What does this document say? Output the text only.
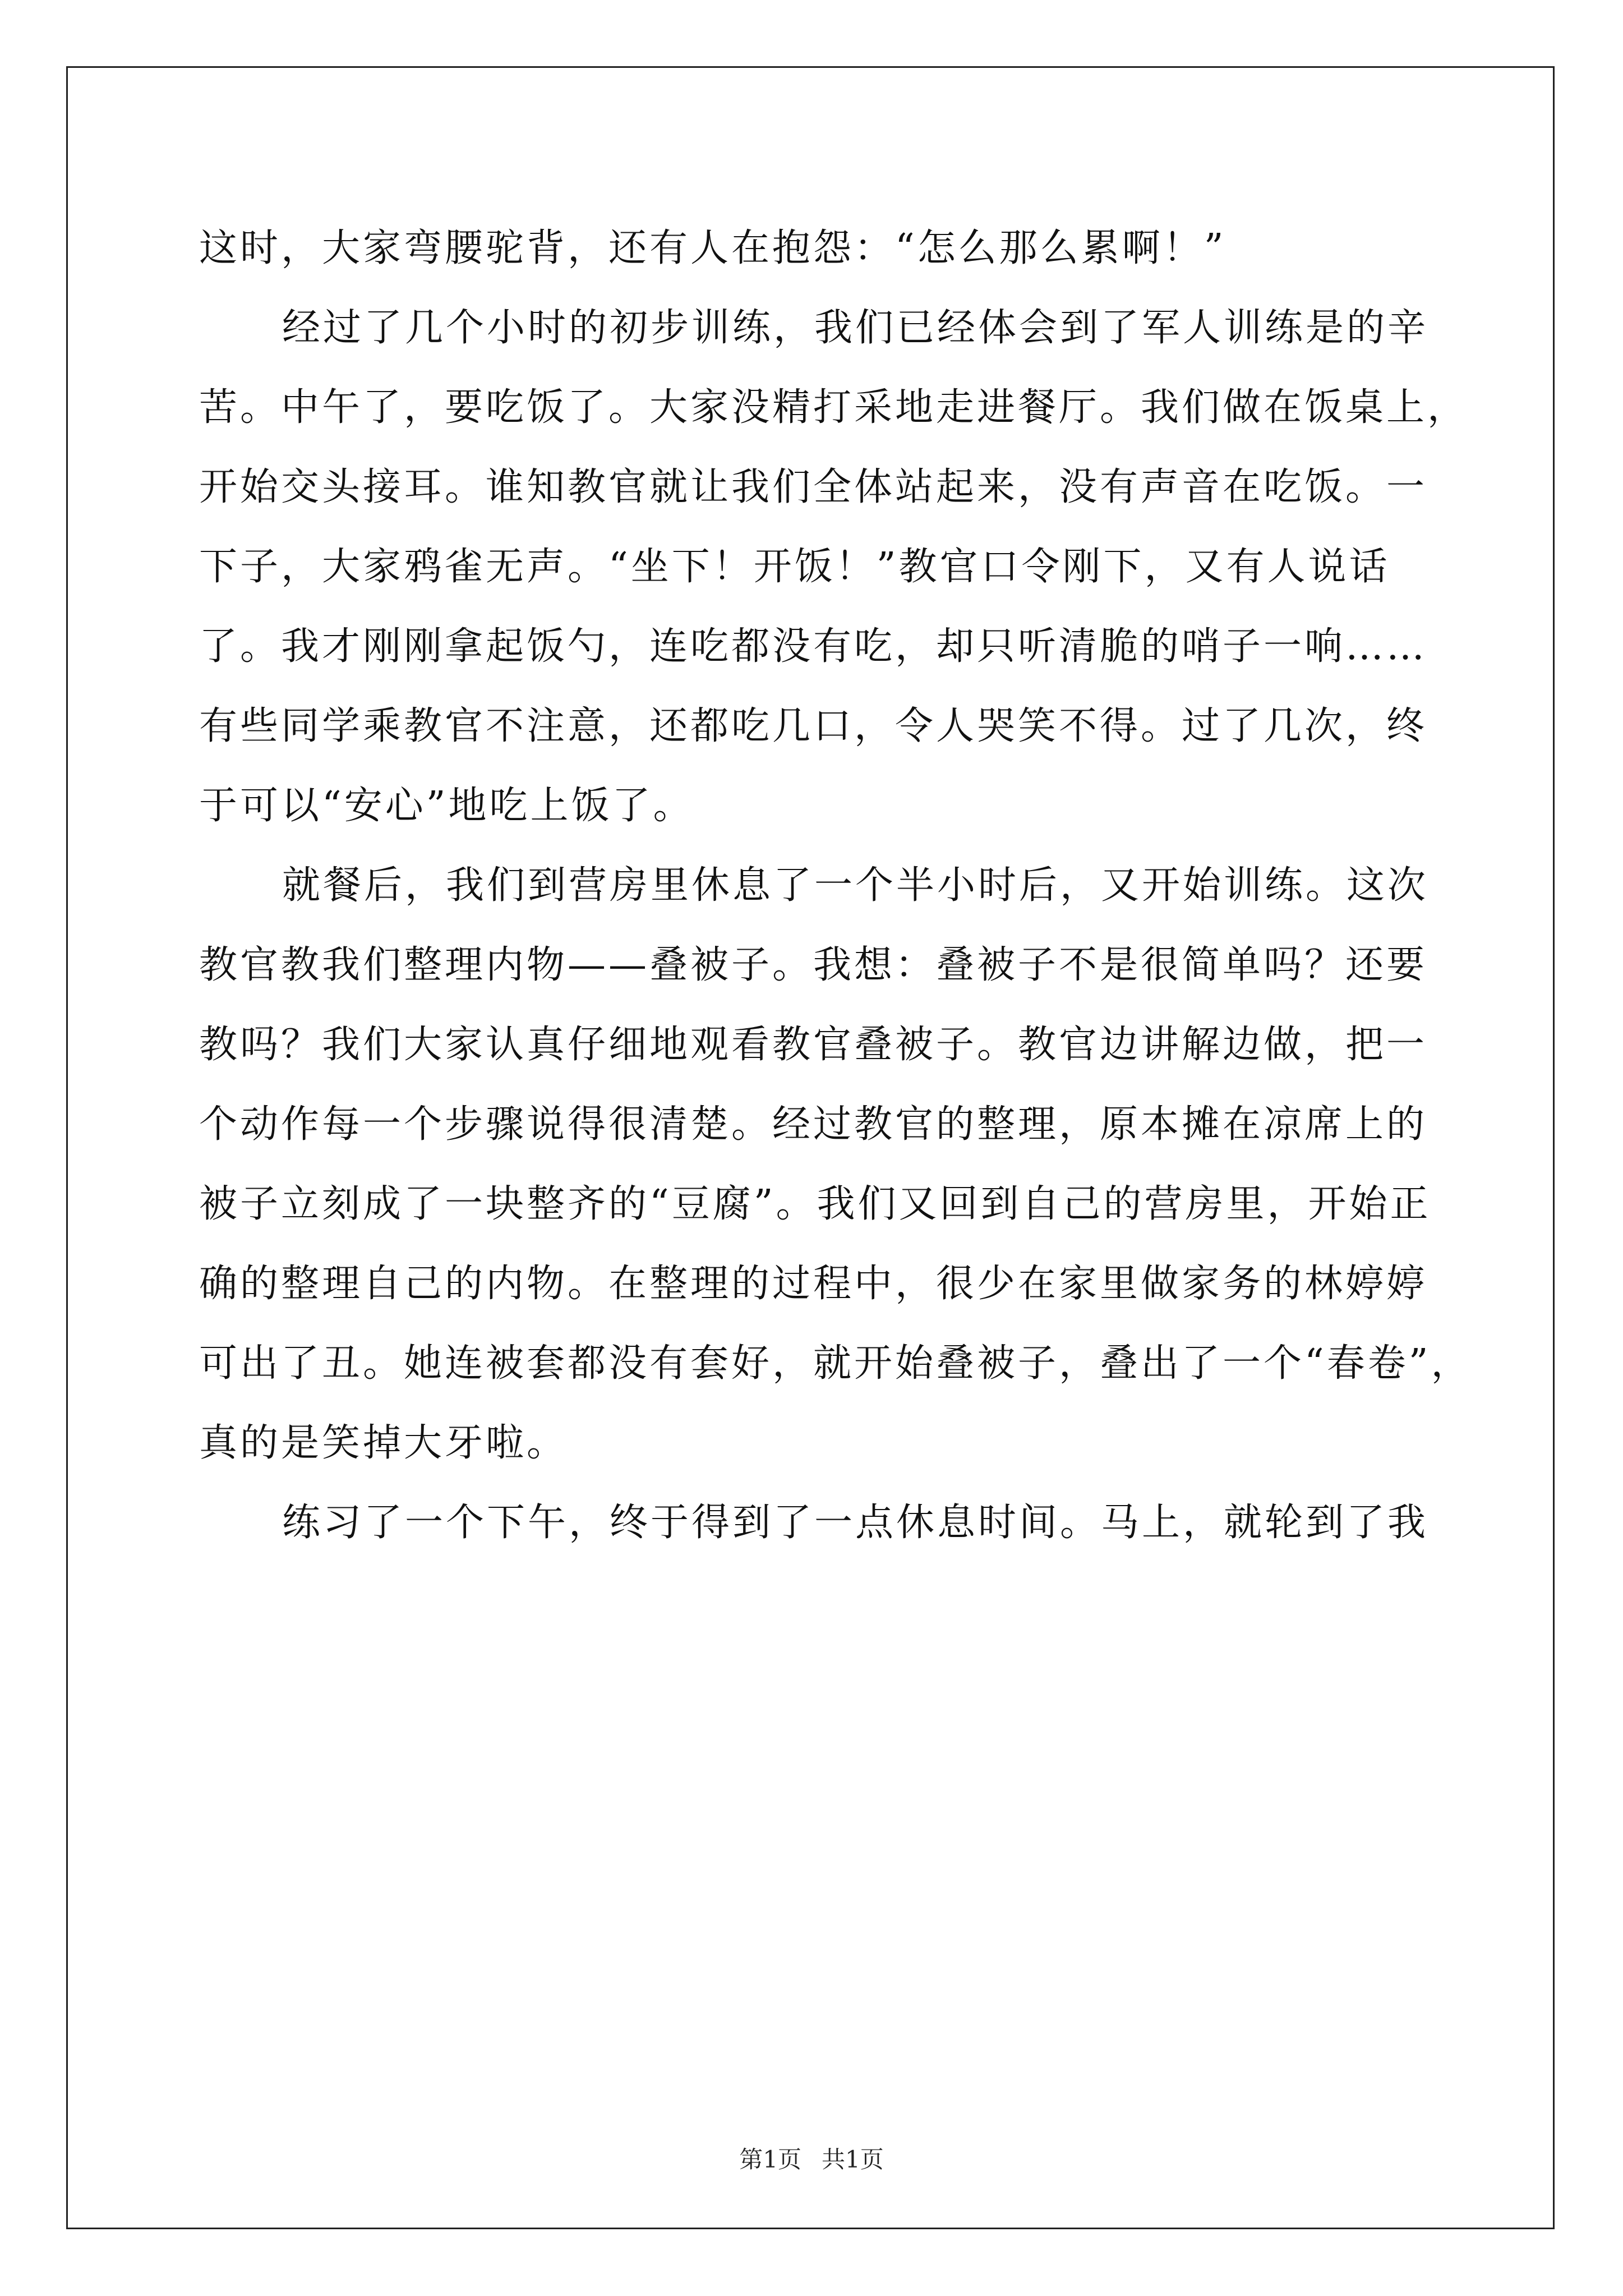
这时，大家弯腰驼背，还有人在抱怨：“怎么那么累啊！”
经过了几个小时的初步训练，我们已经体会到了军人训练是的辛
苦。中午了，要吃饭了。大家没精打采地走进餐厅。我们做在饭桌上，
开始交头接耳。谁知教官就让我们全体站起来，没有声音在吃饭。一
下子，大家鸦雀无声。“坐下！开饭！”教官口令刚下，又有人说话
了。我才刚刚拿起饭勺，连吃都没有吃，却只听清脆的哨子一响……
有些同学乘教官不注意，还都吃几口，令人哭笑不得。过了几次，终
于可以“安心”地吃上饭了。
就餐后，我们到营房里休息了一个半小时后，又开始训练。这次
教官教我们整理内物——叠被子。我想：叠被子不是很简单吗？还要
教吗？我们大家认真仔细地观看教官叠被子。教官边讲解边做，把一
个动作每一个步骤说得很清楚。经过教官的整理，原本摊在凉席上的
被子立刻成了一块整齐的“豆腐”。我们又回到自己的营房里，开始正
确的整理自己的内物。在整理的过程中，很少在家里做家务的林婷婷
可出了丑。她连被套都没有套好，就开始叠被子，叠出了一个“春卷”，
真的是笑掉大牙啦。
练习了一个下午，终于得到了一点休息时间。马上，就轮到了我
第1页 共1页
